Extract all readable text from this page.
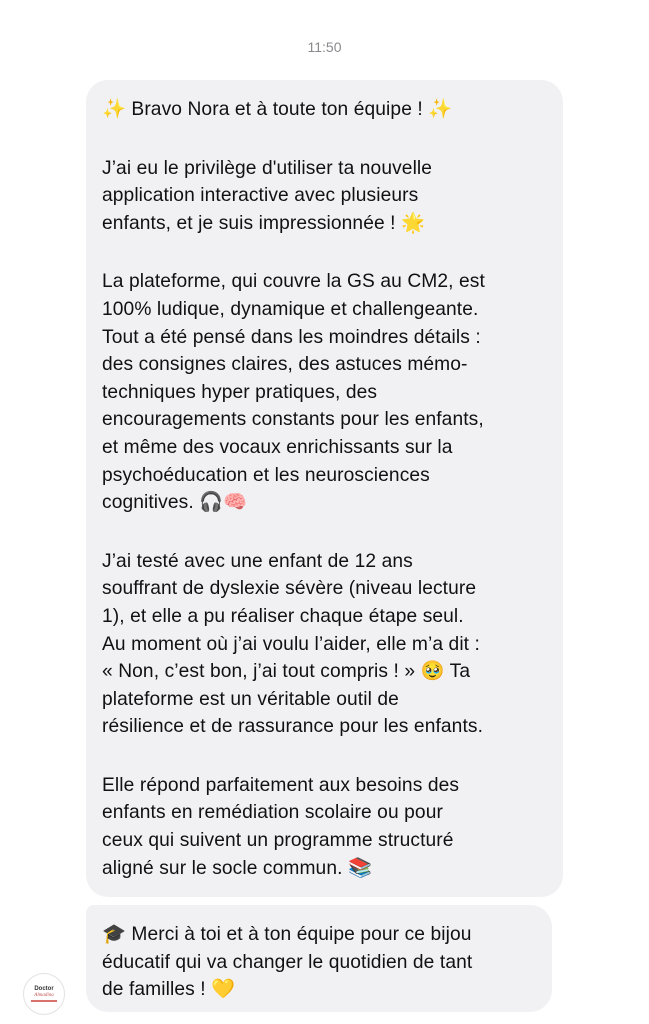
11:50
✨ Bravo Nora et à toute ton équipe ! ✨
J’ai eu le privilège d'utiliser ta nouvelle
application interactive avec plusieurs
enfants, et je suis impressionnée ! 🌟
La plateforme, qui couvre la GS au CM2, est
100% ludique, dynamique et challengeante.
Tout a été pensé dans les moindres détails :
des consignes claires, des astuces mémo-
techniques hyper pratiques, des
encouragements constants pour les enfants,
et même des vocaux enrichissants sur la
psychoéducation et les neurosciences
cognitives. 🎧🧠
J’ai testé avec une enfant de 12 ans
souffrant de dyslexie sévère (niveau lecture
1), et elle a pu réaliser chaque étape seul.
Au moment où j’ai voulu l’aider, elle m’a dit :
« Non, c’est bon, j’ai tout compris ! » 🥹 Ta
plateforme est un véritable outil de
résilience et de rassurance pour les enfants.
Elle répond parfaitement aux besoins des
enfants en remédiation scolaire ou pour
ceux qui suivent un programme structuré
aligné sur le socle commun. 📚
🎓 Merci à toi et à ton équipe pour ce bijou
éducatif qui va changer le quotidien de tant
de familles ! 💛
Doctor
Almadina
